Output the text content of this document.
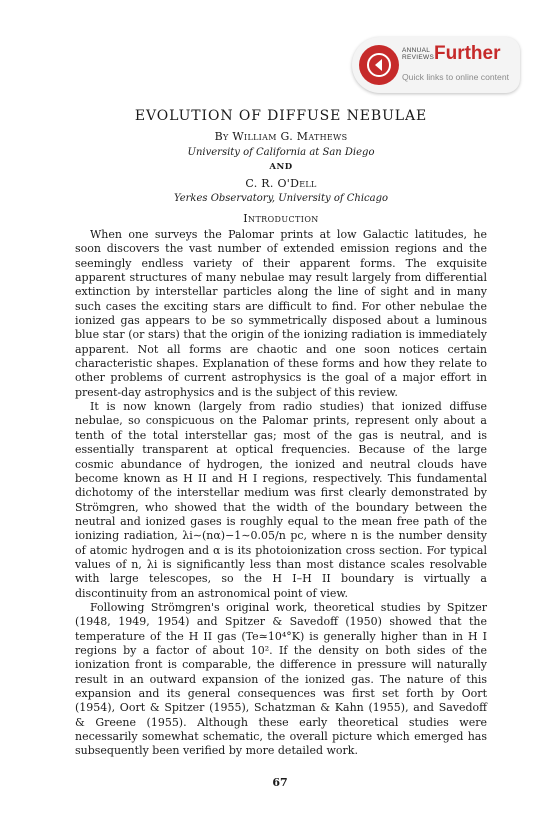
ANNUAL
REVIEWS Further
Quick links to online content
EVOLUTION OF DIFFUSE NEBULAE
By William G. Mathews
University of California at San Diego
AND
C. R. O'Dell
Yerkes Observatory, University of Chicago
Introduction

When one surveys the Palomar prints at low Galactic latitudes, he soon discovers the vast number of extended emission regions and the seemingly endless variety of their apparent forms. The exquisite apparent structures of many nebulae may result largely from differential extinction by interstellar particles along the line of sight and in many such cases the exciting stars are difficult to find. For other nebulae the ionized gas appears to be so symmetrically disposed about a luminous blue star (or stars) that the origin of the ionizing radiation is immediately apparent. Not all forms are chaotic and one soon notices certain characteristic shapes. Explanation of these forms and how they relate to other problems of current astrophysics is the goal of a major effort in present-day astrophysics and is the subject of this review.

It is now known (largely from radio studies) that ionized diffuse nebulae, so conspicuous on the Palomar prints, represent only about a tenth of the total interstellar gas; most of the gas is neutral, and is essentially transparent at optical frequencies. Because of the large cosmic abundance of hydrogen, the ionized and neutral clouds have become known as H II and H I regions, respectively. This fundamental dichotomy of the interstellar medium was first clearly demonstrated by Strömgren, who showed that the width of the boundary between the neutral and ionized gases is roughly equal to the mean free path of the ionizing radiation, λi∼(nα)−1∼0.05/n pc, where n is the number density of atomic hydrogen and α is its photoionization cross section. For typical values of n, λi is significantly less than most distance scales resolvable with large telescopes, so the H I–H II boundary is virtually a discontinuity from an astronomical point of view.

Following Strömgren's original work, theoretical studies by Spitzer (1948, 1949, 1954) and Spitzer & Savedoff (1950) showed that the temperature of the H II gas (Te≃10⁴°K) is generally higher than in H I regions by a factor of about 10². If the density on both sides of the ionization front is comparable, the difference in pressure will naturally result in an outward expansion of the ionized gas. The nature of this expansion and its general consequences was first set forth by Oort (1954), Oort & Spitzer (1955), Schatzman & Kahn (1955), and Savedoff & Greene (1955). Although these early theoretical studies were necessarily somewhat schematic, the overall picture which emerged has subsequently been verified by more detailed work.

67
